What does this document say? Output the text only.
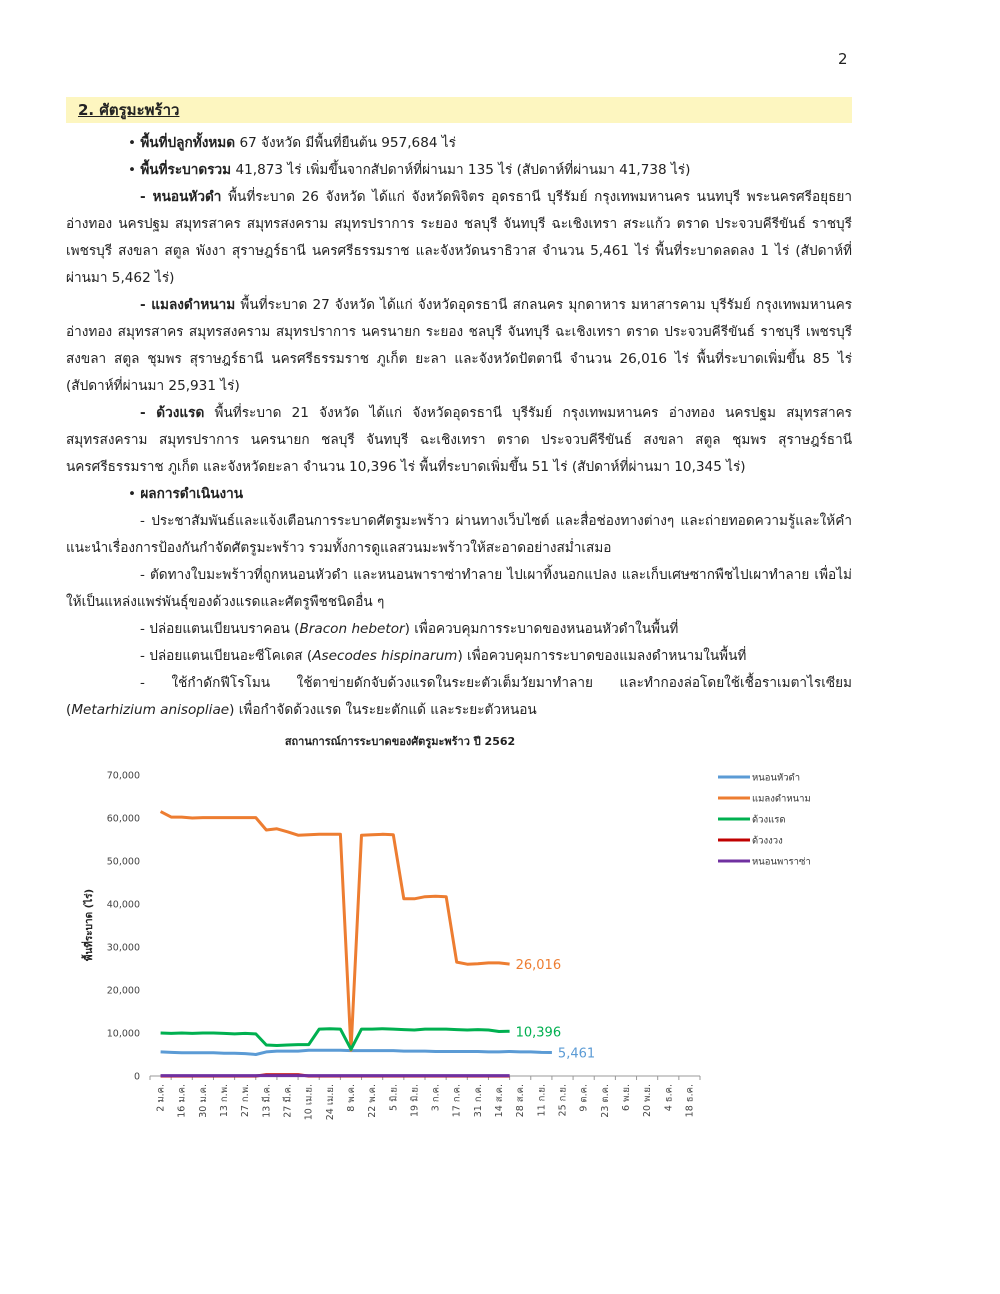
2
2. ศัตรูมะพร้าว
• พื้นที่ปลูกทั้งหมด 67 จังหวัด มีพื้นที่ยืนต้น 957,684 ไร่
• พื้นที่ระบาดรวม 41,873 ไร่ เพิ่มขึ้นจากสัปดาห์ที่ผ่านมา 135 ไร่ (สัปดาห์ที่ผ่านมา 41,738 ไร่)
- หนอนหัวดำ พื้นที่ระบาด 26 จังหวัด ได้แก่ จังหวัดพิจิตร อุดรธานี บุรีรัมย์ กรุงเทพมหานคร นนทบุรี พระนครศรีอยุธยา อ่างทอง นครปฐม สมุทรสาคร สมุทรสงคราม สมุทรปราการ ระยอง ชลบุรี จันทบุรี ฉะเชิงเทรา สระแก้ว ตราด ประจวบคีรีขันธ์ ราชบุรี เพชรบุรี สงขลา สตูล พังงา สุราษฎร์ธานี นครศรีธรรมราช และจังหวัดนราธิวาส จำนวน 5,461 ไร่ พื้นที่ระบาดลดลง 1 ไร่ (สัปดาห์ที่ผ่านมา 5,462 ไร่)
- แมลงดำหนาม พื้นที่ระบาด 27 จังหวัด ได้แก่ จังหวัดอุดรธานี สกลนคร มุกดาหาร มหาสารคาม บุรีรัมย์ กรุงเทพมหานคร อ่างทอง สมุทรสาคร สมุทรสงคราม สมุทรปราการ นครนายก ระยอง ชลบุรี จันทบุรี ฉะเชิงเทรา ตราด ประจวบคีรีขันธ์ ราชบุรี เพชรบุรี สงขลา สตูล ชุมพร สุราษฎร์ธานี นครศรีธรรมราช ภูเก็ต ยะลา และจังหวัดปัตตานี จำนวน 26,016 ไร่ พื้นที่ระบาดเพิ่มขึ้น 85 ไร่ (สัปดาห์ที่ผ่านมา 25,931 ไร่)
- ด้วงแรด พื้นที่ระบาด 21 จังหวัด ได้แก่ จังหวัดอุดรธานี บุรีรัมย์ กรุงเทพมหานคร อ่างทอง นครปฐม สมุทรสาคร สมุทรสงคราม สมุทรปราการ นครนายก ชลบุรี จันทบุรี ฉะเชิงเทรา ตราด ประจวบคีรีขันธ์ สงขลา สตูล ชุมพร สุราษฎร์ธานี นครศรีธรรมราช ภูเก็ต และจังหวัดยะลา จำนวน 10,396 ไร่ พื้นที่ระบาดเพิ่มขึ้น 51 ไร่ (สัปดาห์ที่ผ่านมา 10,345 ไร่)
• ผลการดำเนินงาน
- ประชาสัมพันธ์และแจ้งเตือนการระบาดศัตรูมะพร้าว ผ่านทางเว็บไซต์ และสื่อช่องทางต่างๆ และถ่ายทอดความรู้และให้คำแนะนำเรื่องการป้องกันกำจัดศัตรูมะพร้าว รวมทั้งการดูแลสวนมะพร้าวให้สะอาดอย่างสม่ำเสมอ
- ตัดทางใบมะพร้าวที่ถูกหนอนหัวดำ และหนอนพาราซ่าทำลาย ไปเผาทิ้งนอกแปลง และเก็บเศษซากพืชไปเผาทำลาย เพื่อไม่ให้เป็นแหล่งแพร่พันธุ์ของด้วงแรดและศัตรูพืชชนิดอื่น ๆ
- ปล่อยแตนเบียนบราคอน (Bracon hebetor) เพื่อควบคุมการระบาดของหนอนหัวดำในพื้นที่
- ปล่อยแตนเบียนอะซีโคเดส (Asecodes hispinarum) เพื่อควบคุมการระบาดของแมลงดำหนามในพื้นที่
- ใช้กำดักฟีโรโมน ใช้ตาข่ายดักจับด้วงแรดในระยะตัวเต็มวัยมาทำลาย และทำกองล่อโดยใช้เชื้อราเมตาไรเซียม (Metarhizium anisopliae) เพื่อกำจัดด้วงแรด ในระยะตักแด้ และระยะตัวหนอน
สถานการณ์การระบาดของศัตรูมะพร้าว ปี 2562
พื้นที่ระบาด (ไร่)
0
10,000
20,000
30,000
40,000
50,000
60,000
70,000
2 ม.ค. 16 ม.ค. 30 ม.ค. 13 ก.พ. 27 ก.พ. 13 มี.ค. 27 มี.ค. 10 เม.ย. 24 เม.ย. 8 พ.ค. 22 พ.ค. 5 มิ.ย. 19 มิ.ย. 3 ก.ค. 17 ก.ค. 31 ก.ค. 14 ส.ค. 28 ส.ค. 11 ก.ย. 25 ก.ย. 9 ต.ค. 23 ต.ค. 6 พ.ย. 20 พ.ย. 4 ธ.ค. 18 ธ.ค.
5,461
26,016
10,396
หนอนหัวดำ
แมลงดำหนาม
ด้วงแรด
ด้วงงวง
หนอนพาราซ่า
